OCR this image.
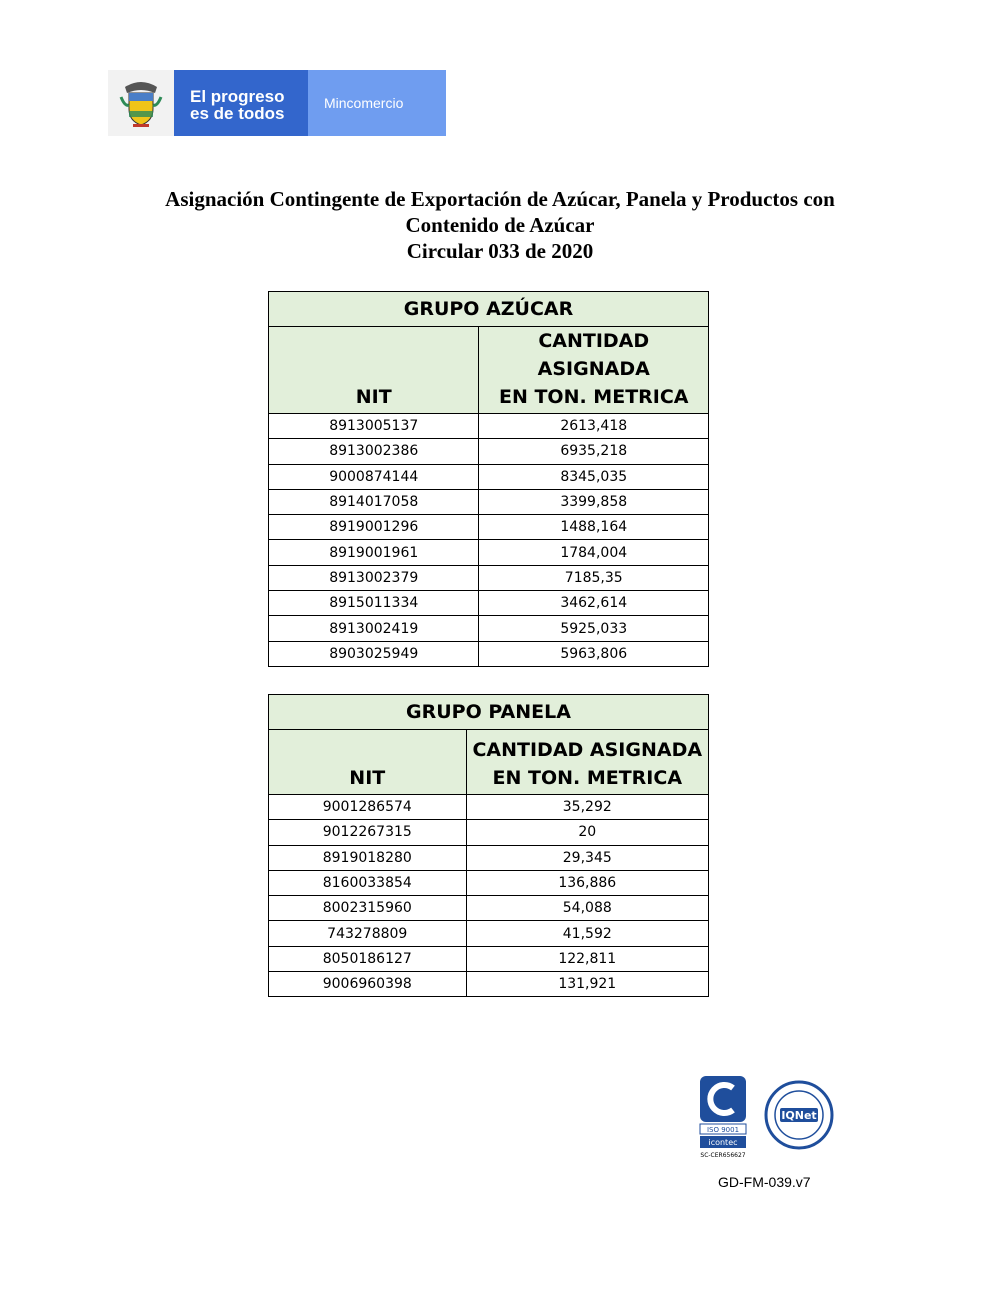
El progreso
es de todos
Mincomercio
Asignación Contingente de Exportación de Azúcar, Panela y Productos con
Contenido de Azúcar
Circular 033 de 2020
GRUPO AZÚCAR	
NIT	CANTIDAD ASIGNADA
EN TON. METRICA

8913005137	2613,418
8913002386	6935,218
9000874144	8345,035
8914017058	3399,858
8919001296	1488,164
8919001961	1784,004
8913002379	7185,35
8915011334	3462,614
8913002419	5925,033
8903025949	5963,806
GRUPO PANELA	
NIT	CANTIDAD ASIGNADA
EN TON. METRICA

9001286574	35,292
9012267315	20
8919018280	29,345
8160033854	136,886
8002315960	54,088
743278809	41,592
8050186127	122,811
9006960398	131,921
ISO 9001
icontec
SC-CER656627
IQNet
GD-FM-039.v7
